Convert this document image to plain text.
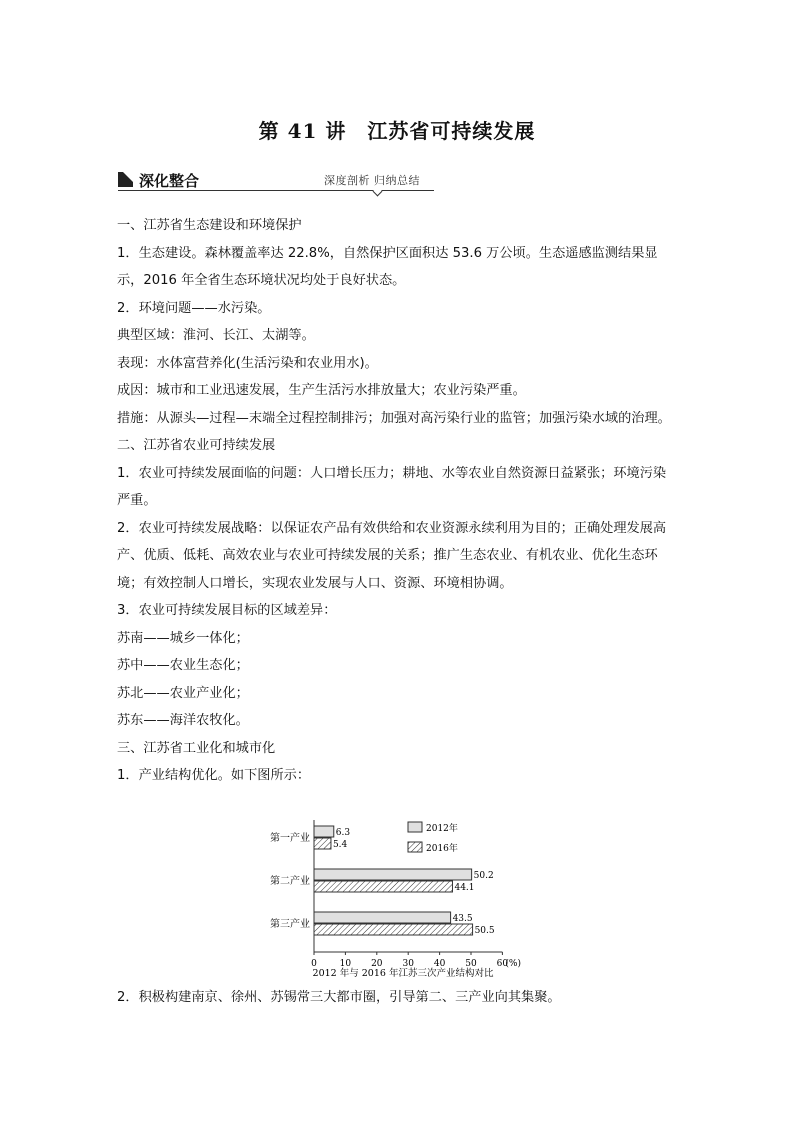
第 41 讲　江苏省可持续发展
深化整合	深度剖析 归纳总结

一、江苏省生态建设和环境保护

1．生态建设。森林覆盖率达 22.8%，自然保护区面积达 53.6 万公顷。生态遥感监测结果显示，2016 年全省生态环境状况均处于良好状态。

2．环境问题——水污染。

典型区域：淮河、长江、太湖等。

表现：水体富营养化(生活污染和农业用水)。

成因：城市和工业迅速发展，生产生活污水排放量大；农业污染严重。

措施：从源头—过程—末端全过程控制排污；加强对高污染行业的监管；加强污染水域的治理。

二、江苏省农业可持续发展

1．农业可持续发展面临的问题：人口增长压力；耕地、水等农业自然资源日益紧张；环境污染严重。

2．农业可持续发展战略：以保证农产品有效供给和农业资源永续利用为目的；正确处理发展高产、优质、低耗、高效农业与农业可持续发展的关系；推广生态农业、有机农业、优化生态环境；有效控制人口增长，实现农业发展与人口、资源、环境相协调。

3．农业可持续发展目标的区域差异：

苏南——城乡一体化；

苏中——农业生态化；

苏北——农业产业化；

苏东——海洋农牧化。

三、江苏省工业化和城市化

1．产业结构优化。如下图所示：

0	10 20 30 40 50 60
(%)
第一产业	6.3
5.4
第二产业	50.2
44.1
第三产业	43.5
50.5
2012年
2016年
2012 年与 2016 年江苏三次产业结构对比
2．积极构建南京、徐州、苏锡常三大都市圈，引导第二、三产业向其集聚。
